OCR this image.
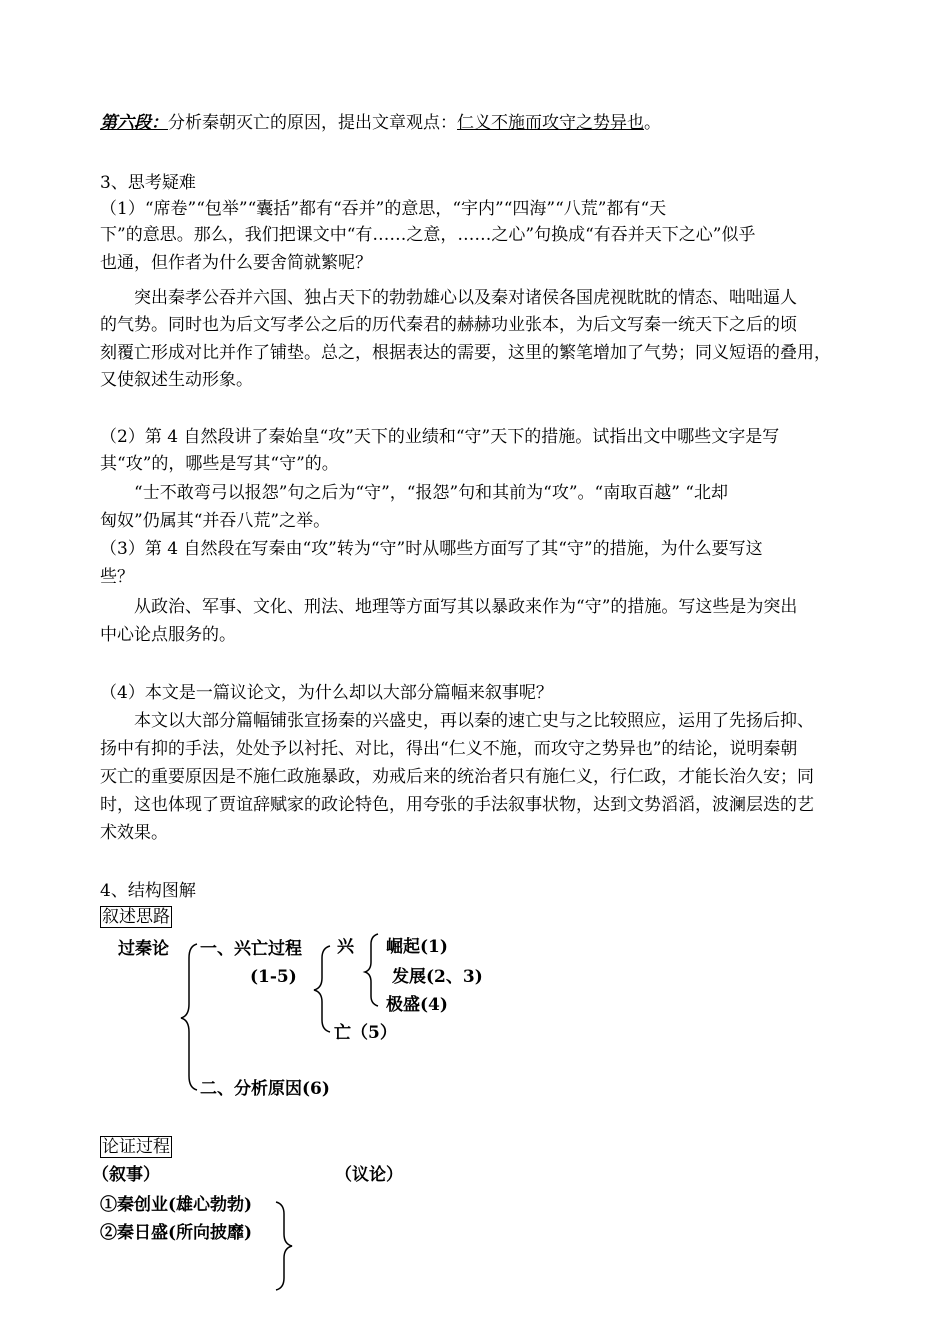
第六段：分析秦朝灭亡的原因，提出文章观点：仁义不施而攻守之势异也。
3、思考疑难
（1）“席卷”“包举”“囊括”都有“吞并”的意思，“宇内”“四海”“八荒”都有“天
下”的意思。那么，我们把课文中“有……之意，……之心”句换成“有吞并天下之心”似乎
也通，但作者为什么要舍简就繁呢？
突出秦孝公吞并六国、独占天下的勃勃雄心以及秦对诸侯各国虎视眈眈的情态、咄咄逼人
的气势。同时也为后文写孝公之后的历代秦君的赫赫功业张本，为后文写秦一统天下之后的顷
刻覆亡形成对比并作了铺垫。总之，根据表达的需要，这里的繁笔增加了气势；同义短语的叠用，
又使叙述生动形象。
（2）第 4 自然段讲了秦始皇“攻”天下的业绩和“守”天下的措施。试指出文中哪些文字是写
其“攻”的，哪些是写其“守”的。
“士不敢弯弓以报怨”句之后为“守”，“报怨”句和其前为“攻”。“南取百越” “北却
匈奴”仍属其“并吞八荒”之举。
（3）第 4 自然段在写秦由“攻”转为“守”时从哪些方面写了其“守”的措施，为什么要写这
些？
从政治、军事、文化、刑法、地理等方面写其以暴政来作为“守”的措施。写这些是为突出
中心论点服务的。
（4）本文是一篇议论文，为什么却以大部分篇幅来叙事呢？
本文以大部分篇幅铺张宣扬秦的兴盛史，再以秦的速亡史与之比较照应，运用了先扬后抑、
扬中有抑的手法，处处予以衬托、对比，得出“仁义不施，而攻守之势异也”的结论，说明秦朝
灭亡的重要原因是不施仁政施暴政，劝戒后来的统治者只有施仁义，行仁政，才能长治久安；同
时，这也体现了贾谊辞赋家的政论特色，用夸张的手法叙事状物，达到文势滔滔，波澜层迭的艺
术效果。
4、结构图解
叙述思路
过秦论 一、兴亡过程
(1-5)
兴 崛起(1)
发展(2、3)
极盛(4)
亡（5）
二、分析原因(6)
论证过程
（叙事）	（议论）
①秦创业(雄心勃勃)
②秦日盛(所向披靡)
